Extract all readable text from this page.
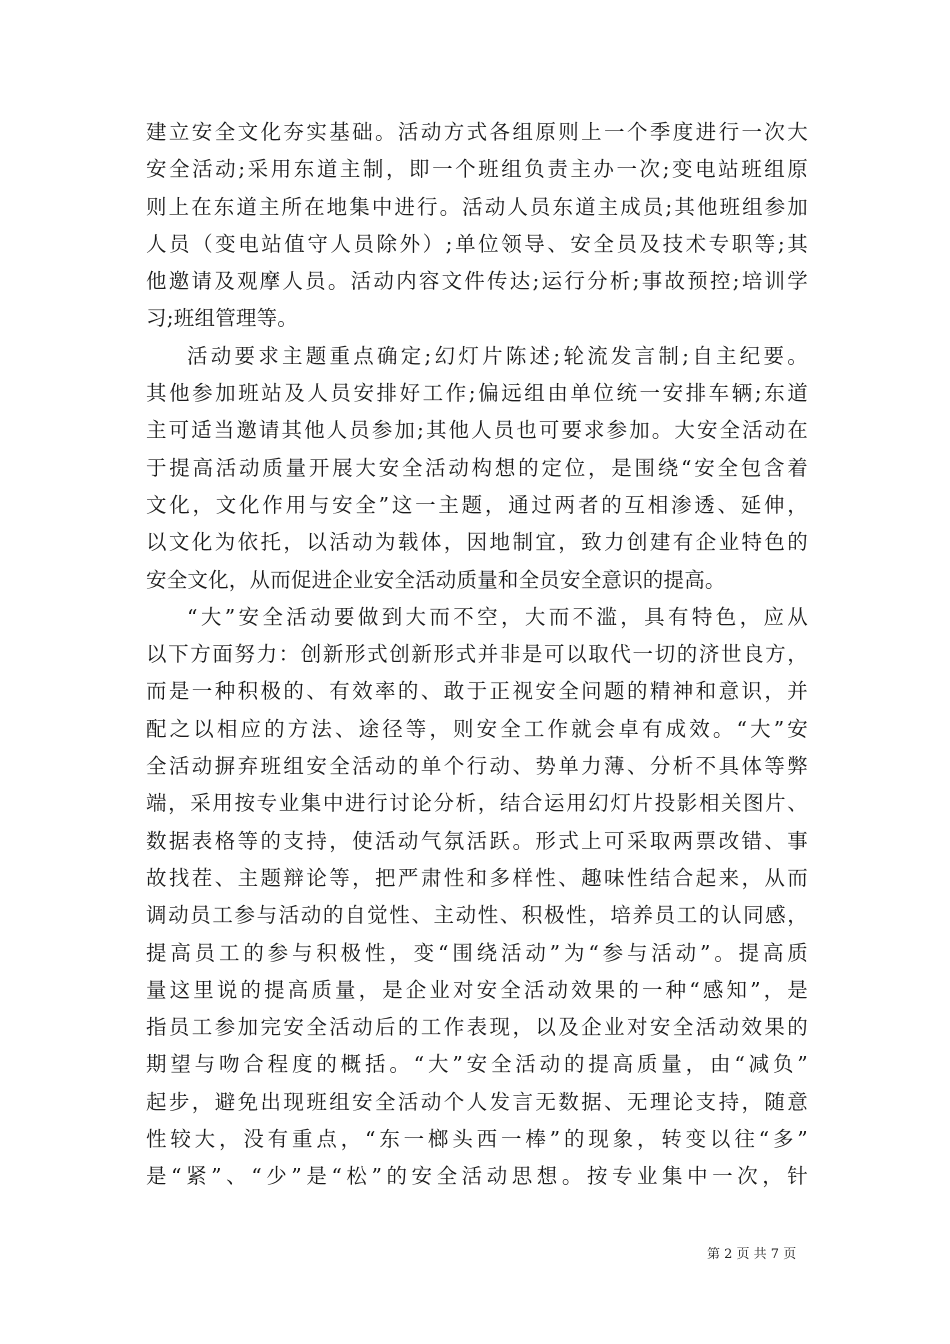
建立安全文化夯实基础。活动方式各组原则上一个季度进行一次大
安全活动;采用东道主制，即一个班组负责主办一次;变电站班组原
则上在东道主所在地集中进行。活动人员东道主成员;其他班组参加
人员（变电站值守人员除外）;单位领导、安全员及技术专职等;其
他邀请及观摩人员。活动内容文件传达;运行分析;事故预控;培训学
习;班组管理等。
活动要求主题重点确定;幻灯片陈述;轮流发言制;自主纪要。
其他参加班站及人员安排好工作;偏远组由单位统一安排车辆;东道
主可适当邀请其他人员参加;其他人员也可要求参加。大安全活动在
于提高活动质量开展大安全活动构想的定位，是围绕“安全包含着
文化，文化作用与安全”这一主题，通过两者的互相渗透、延伸，
以文化为依托，以活动为载体，因地制宜，致力创建有企业特色的
安全文化，从而促进企业安全活动质量和全员安全意识的提高。
“大”安全活动要做到大而不空，大而不滥，具有特色，应从
以下方面努力：创新形式创新形式并非是可以取代一切的济世良方，
而是一种积极的、有效率的、敢于正视安全问题的精神和意识，并
配之以相应的方法、途径等，则安全工作就会卓有成效。“大”安
全活动摒弃班组安全活动的单个行动、势单力薄、分析不具体等弊
端，采用按专业集中进行讨论分析，结合运用幻灯片投影相关图片、
数据表格等的支持，使活动气氛活跃。形式上可采取两票改错、事
故找茬、主题辩论等，把严肃性和多样性、趣味性结合起来，从而
调动员工参与活动的自觉性、主动性、积极性，培养员工的认同感，
提高员工的参与积极性，变“围绕活动”为“参与活动”。提高质
量这里说的提高质量，是企业对安全活动效果的一种“感知”，是
指员工参加完安全活动后的工作表现，以及企业对安全活动效果的
期望与吻合程度的概括。“大”安全活动的提高质量，由“减负”
起步，避免出现班组安全活动个人发言无数据、无理论支持，随意
性较大，没有重点，“东一榔头西一棒”的现象，转变以往“多”
是“紧”、“少”是“松”的安全活动思想。按专业集中一次，针
第 2 页 共 7 页
